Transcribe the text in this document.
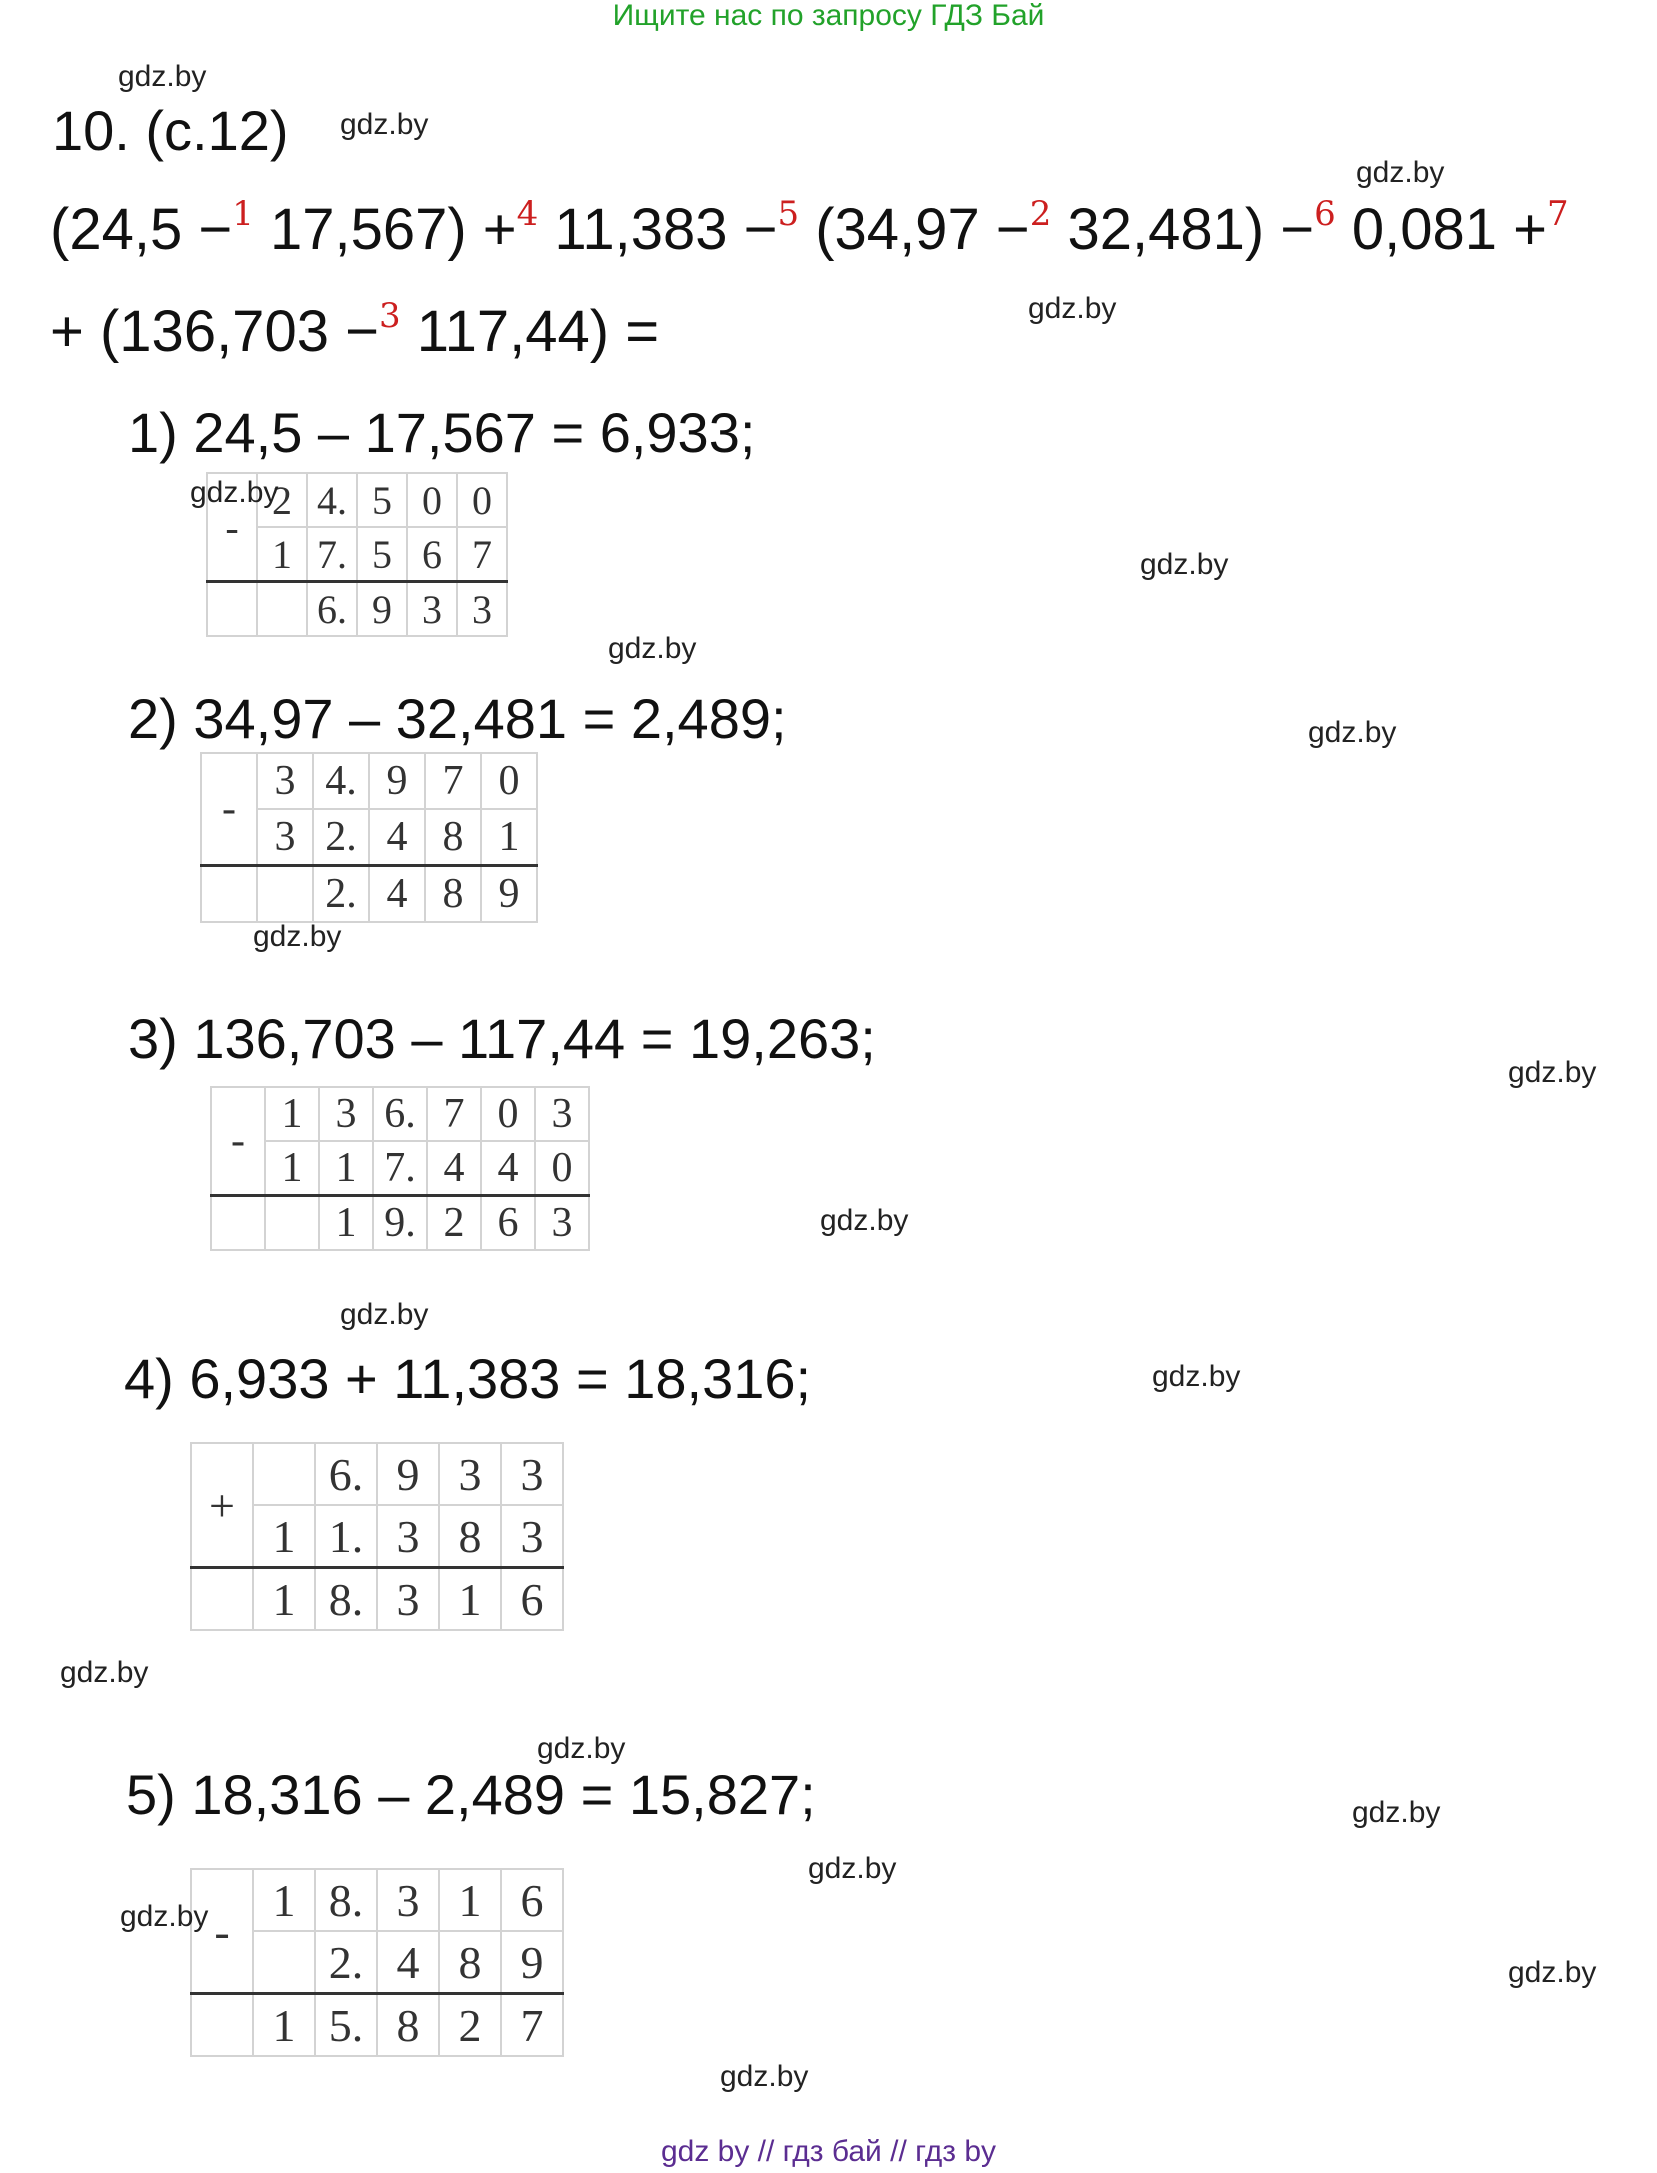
Ищите нас по запросу ГДЗ Бай
10. (с.12)
(24,5 −$^1$ 17,567) +$^4$ 11,383 −$^5$ (34,97 −$^2$ 32,481) −$^6$ 0,081 +$^7$
+ (136,703 −$^3$ 117,44) =
1) 24,5 – 17,567 = 6,933;
-	2	4.	5	0	0
	1	7.	5	6	7
		6.	9	3	3
2) 34,97 – 32,481 = 2,489;
-	3	4.	9	7	0
	3	2.	4	8	1
		2.	4	8	9
3) 136,703 – 117,44 = 19,263;
-	1	3	6.	7	0	3
	1	1	7.	4	4	0
		1	9.	2	6	3
4) 6,933 + 11,383 = 18,316;
+		6.	9	3	3
	1	1.	3	8	3
	1	8.	3	1	6
5) 18,316 – 2,489 = 15,827;
-	1	8.	3	1	6
		2.	4	8	9
	1	5.	8	2	7
gdz.by
gdz.by
gdz.by
gdz.by
gdz.by
gdz.by
gdz.by
gdz.by
gdz.by
gdz.by
gdz.by
gdz.by
gdz.by
gdz.by
gdz.by
gdz.by
gdz.by
gdz.by
gdz.by
gdz.by
gdz by // гдз бай // гдз by
